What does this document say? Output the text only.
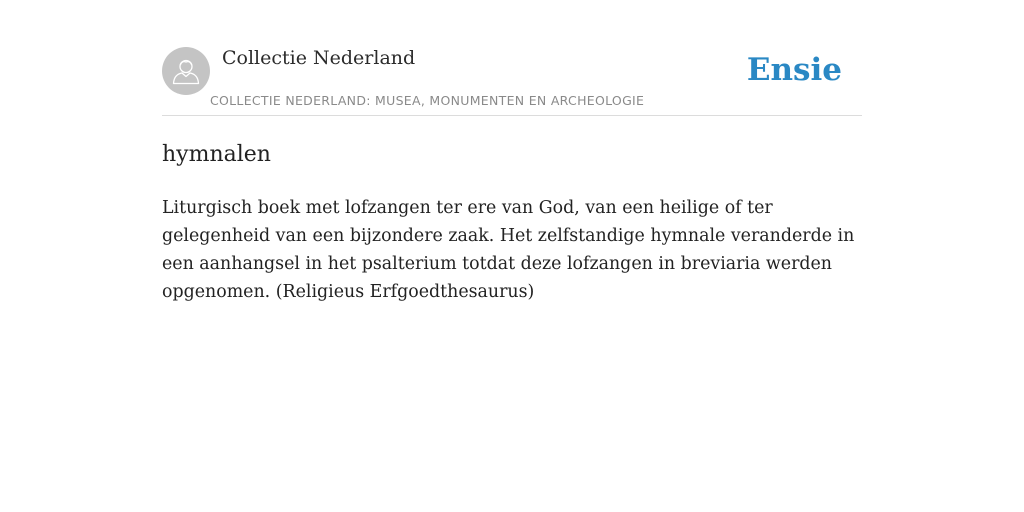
Collectie Nederland
COLLECTIE NEDERLAND: MUSEA, MONUMENTEN EN ARCHEOLOGIE
Ensie
hymnalen

Liturgisch boek met lofzangen ter ere van God, van een heilige of ter gelegenheid van een bijzondere zaak. Het zelfstandige hymnale veranderde in een aanhangsel in het psalterium totdat deze lofzangen in breviaria werden opgenomen. (Religieus Erfgoedthesaurus)
